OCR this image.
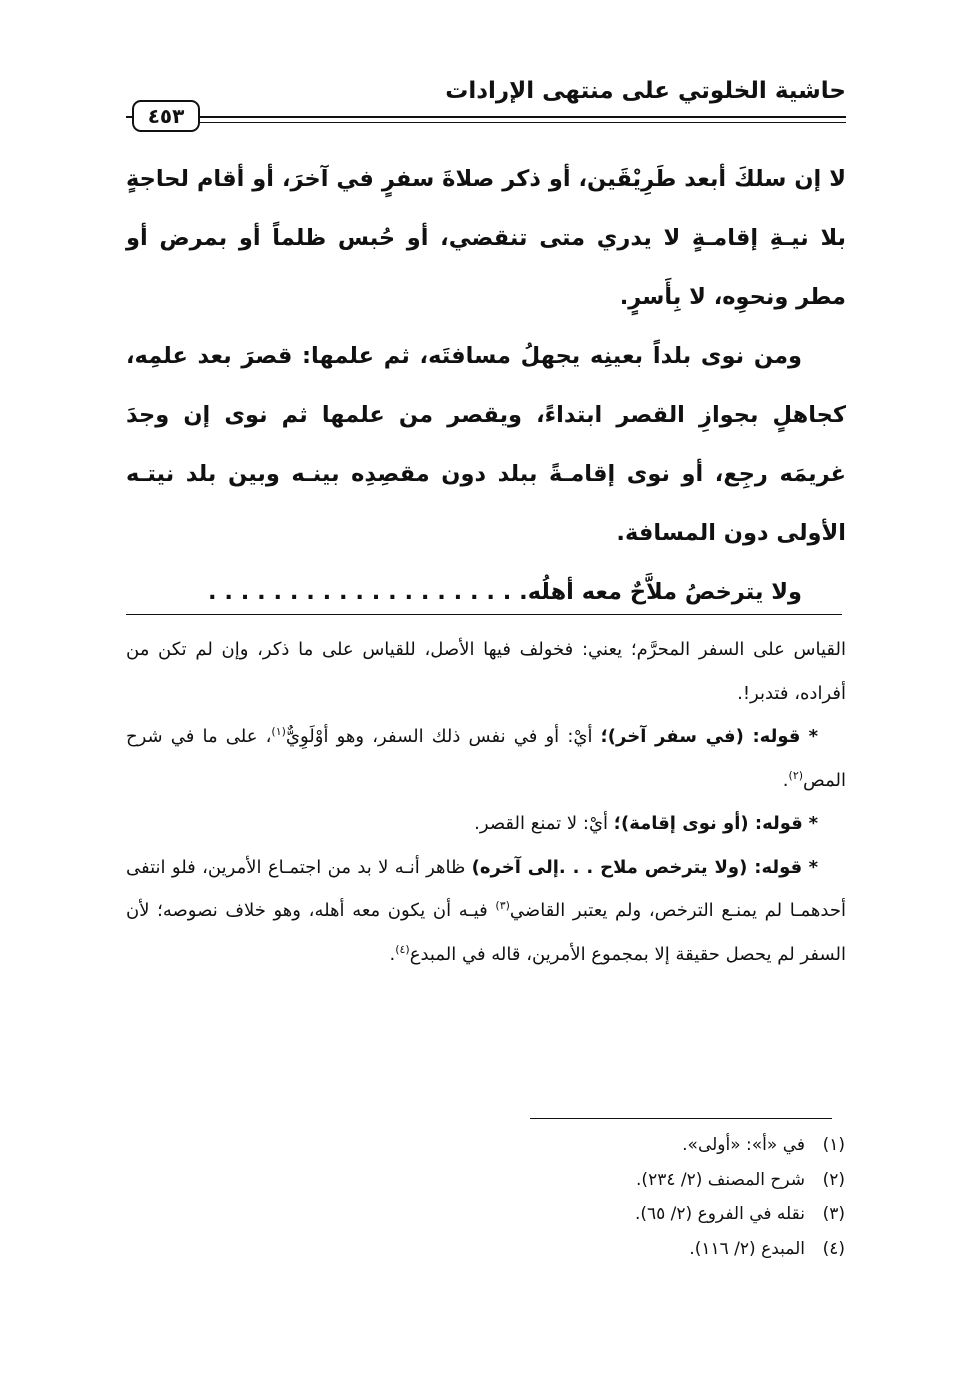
حاشية الخلوتي على منتهى الإرادات
٤٥٣

لا إن سلكَ أبعد طَرِيْقَين، أو ذكر صلاةَ سفرٍ في آخرَ، أو أقام لحاجةٍ بلا نيـةِ إقامـةٍ لا يدري متى تنقضي، أو حُبس ظلماً أو بمرض أو مطر ونحوِه، لا بِأَسرٍ.

ومن نوى بلداً بعينِه يجهلُ مسافتَه، ثم علمها: قصرَ بعد علمِه، كجاهلٍ بجوازِ القصر ابتداءً، ويقصر من علمها ثم نوى إن وجدَ غريمَه رجِع، أو نوى إقامـةً ببلد دون مقصِدِه بينـه وبين بلد نيتـه الأولى دون المسافة.

ولا يترخصُ ملاَّحٌ معه أهلُه. . . . . . . . . . . . . . . . . . . .

القياس على السفر المحرَّم؛ يعني: فخولف فيها الأصل، للقياس على ما ذكر، وإن لم تكن من أفراده، فتدبر!.

* قوله: (في سفر آخر)؛ أيْ: أو في نفس ذلك السفر، وهو أوْلَوِيٌّ$^{(١)}$، على ما في شرح المص$^{(٢)}$.

* قوله: (أو نوى إقامة)؛ أيْ: لا تمنع القصر.

* قوله: (ولا يترخص ملاح . . .إلى آخره) ظاهر أنـه لا بد من اجتمـاع الأمرين، فلو انتفى أحدهمـا لم يمنـع الترخص، ولم يعتبر القاضي$^{(٣)}$ فيـه أن يكون معه أهله، وهو خلاف نصوصه؛ لأن السفر لم يحصل حقيقة إلا بمجموع الأمرين، قاله في المبدع$^{(٤)}$.

(١)في «أ»: «أولى».
(٢)شرح المصنف (٢/ ٢٣٤).
(٣)نقله في الفروع (٢/ ٦٥).
(٤)المبدع (٢/ ١١٦).
